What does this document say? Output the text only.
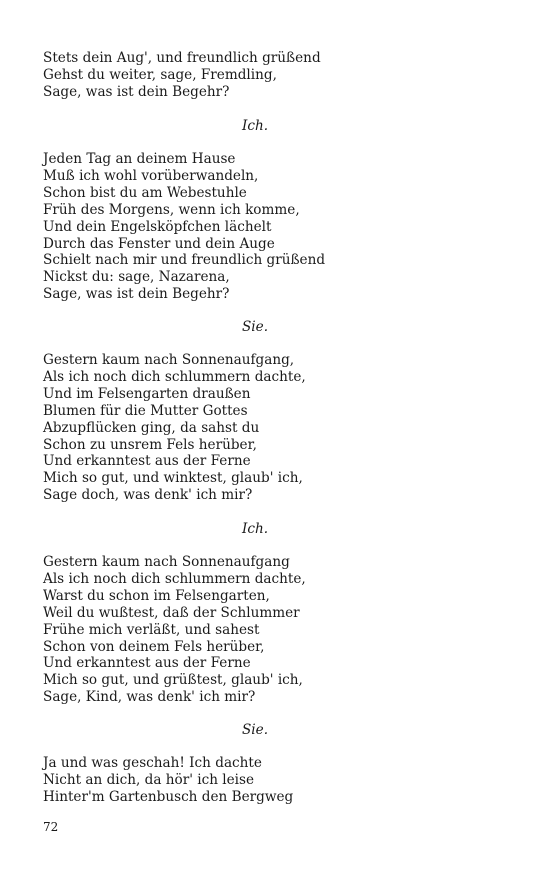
Stets dein Aug', und freundlich grüßend
Gehst du weiter, sage, Fremdling,
Sage, was ist dein Begehr?
Ich.
Jeden Tag an deinem Hause
Muß ich wohl vorüberwandeln,
Schon bist du am Webestuhle
Früh des Morgens, wenn ich komme,
Und dein Engelsköpfchen lächelt
Durch das Fenster und dein Auge
Schielt nach mir und freundlich grüßend
Nickst du: sage, Nazarena,
Sage, was ist dein Begehr?
Sie.
Gestern kaum nach Sonnenaufgang,
Als ich noch dich schlummern dachte,
Und im Felsengarten draußen
Blumen für die Mutter Gottes
Abzupflücken ging, da sahst du
Schon zu unsrem Fels herüber,
Und erkanntest aus der Ferne
Mich so gut, und winktest, glaub' ich,
Sage doch, was denk' ich mir?
Ich.
Gestern kaum nach Sonnenaufgang
Als ich noch dich schlummern dachte,
Warst du schon im Felsengarten,
Weil du wußtest, daß der Schlummer
Frühe mich verläßt, und sahest
Schon von deinem Fels herüber,
Und erkanntest aus der Ferne
Mich so gut, und grüßtest, glaub' ich,
Sage, Kind, was denk' ich mir?
Sie.
Ja und was geschah! Ich dachte
Nicht an dich, da hör' ich leise
Hinter'm Gartenbusch den Bergweg
72
